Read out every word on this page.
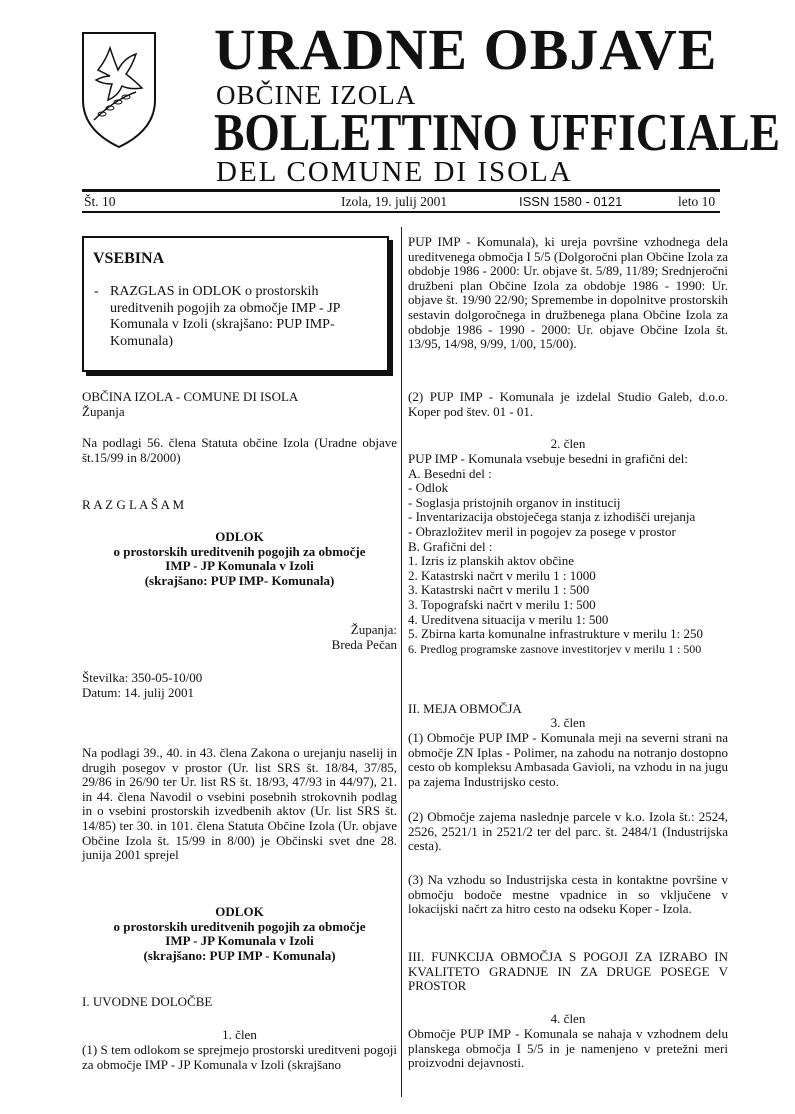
URADNE OBJAVE
OBČINE IZOLA
BOLLETTINO UFFICIALE
DEL COMUNE DI ISOLA
Št. 10	Izola, 19. julij 2001	ISSN 1580 - 0121	leto 10
VSEBINA
- RAZGLAS in ODLOK o prostorskih ureditvenih pogojih za območje IMP - JP Komunala v Izoli (skrajšano: PUP IMP-Komunala)

OBČINA IZOLA - COMUNE DI ISOLA

Županja

Na podlagi 56. člena Statuta občine Izola (Uradne objave št.15/99 in 8/2000)
R A Z G L A Š A M

ODLOK

o prostorskih ureditvenih pogojih za območje

IMP - JP Komunala v Izoli

(skrajšano: PUP IMP- Komunala)

Županja:

Breda Pečan

Številka: 350-05-10/00

Datum: 14. julij 2001

Na podlagi 39., 40. in 43. člena Zakona o urejanju naselij in drugih posegov v prostor (Ur. list SRS št. 18/84, 37/85, 29/86 in 26/90 ter Ur. list RS št. 18/93, 47/93 in 44/97), 21. in 44. člena Navodil o vsebini posebnih strokovnih podlag in o vsebini prostorskih izvedbenih aktov (Ur. list SRS št. 14/85) ter 30. in 101. člena Statuta Občine Izola (Ur. objave Občine Izola št. 15/99 in 8/00) je Občinski svet dne 28. junija 2001 sprejel

ODLOK

o prostorskih ureditvenih pogojih za območje

IMP - JP Komunala v Izoli

(skrajšano: PUP IMP - Komunala)

I. UVODNE DOLOČBE
1. člen
(1) S tem odlokom se sprejmejo prostorski ureditveni pogoji za območje IMP - JP Komunala v Izoli (skrajšano
PUP IMP - Komunala), ki ureja površine vzhodnega dela ureditvenega območja I 5/5 (Dolgoročni plan Občine Izola za obdobje 1986 - 2000: Ur. objave št. 5/89, 11/89; Srednjeročni družbeni plan Občine Izola za obdobje 1986 - 1990: Ur. objave št. 19/90 22/90; Spremembe in dopolnitve prostorskih sestavin dolgoročnega in družbenega plana Občine Izola za obdobje 1986 - 1990 - 2000: Ur. objave Občine Izola št. 13/95, 14/98, 9/99, 1/00, 15/00).
(2) PUP IMP - Komunala je izdelal Studio Galeb, d.o.o. Koper pod štev. 01 - 01.
2. člen

PUP IMP - Komunala vsebuje besedni in grafični del:

A. Besedni del :

- Odlok

- Soglasja pristojnih organov in institucij

- Inventarizacija obstoječega stanja z izhodišči urejanja

- Obrazložitev meril in pogojev za posege v prostor

B. Grafični del :

1. Izris iz planskih aktov občine

2. Katastrski načrt v merilu 1 : 1000

3. Katastrski načrt v merilu 1 : 500

3. Topografski načrt v merilu 1: 500

4. Ureditvena situacija v merilu 1: 500

5. Zbirna karta komunalne infrastrukture v merilu 1: 250

6. Predlog programske zasnove investitorjev v merilu 1 : 500

II. MEJA OBMOČJA
3. člen
(1) Območje PUP IMP - Komunala meji na severni strani na območje ZN Iplas - Polimer, na zahodu na notranjo dostopno cesto ob kompleksu Ambasada Gavioli, na vzhodu in na jugu pa zajema Industrijsko cesto.
(2) Območje zajema naslednje parcele v k.o. Izola št.: 2524, 2526, 2521/1 in 2521/2 ter del parc. št. 2484/1 (Industrijska cesta).
(3) Na vzhodu so Industrijska cesta in kontaktne površine v območju bodoče mestne vpadnice in so vključene v lokacijski načrt za hitro cesto na odseku Koper - Izola.
III. FUNKCIJA OBMOČJA S POGOJI ZA IZRABO IN KVALITETO GRADNJE IN ZA DRUGE POSEGE V PROSTOR
4. člen
Območje PUP IMP - Komunala se nahaja v vzhodnem delu planskega območja I 5/5 in je namenjeno v pretežni meri proizvodni dejavnosti.
